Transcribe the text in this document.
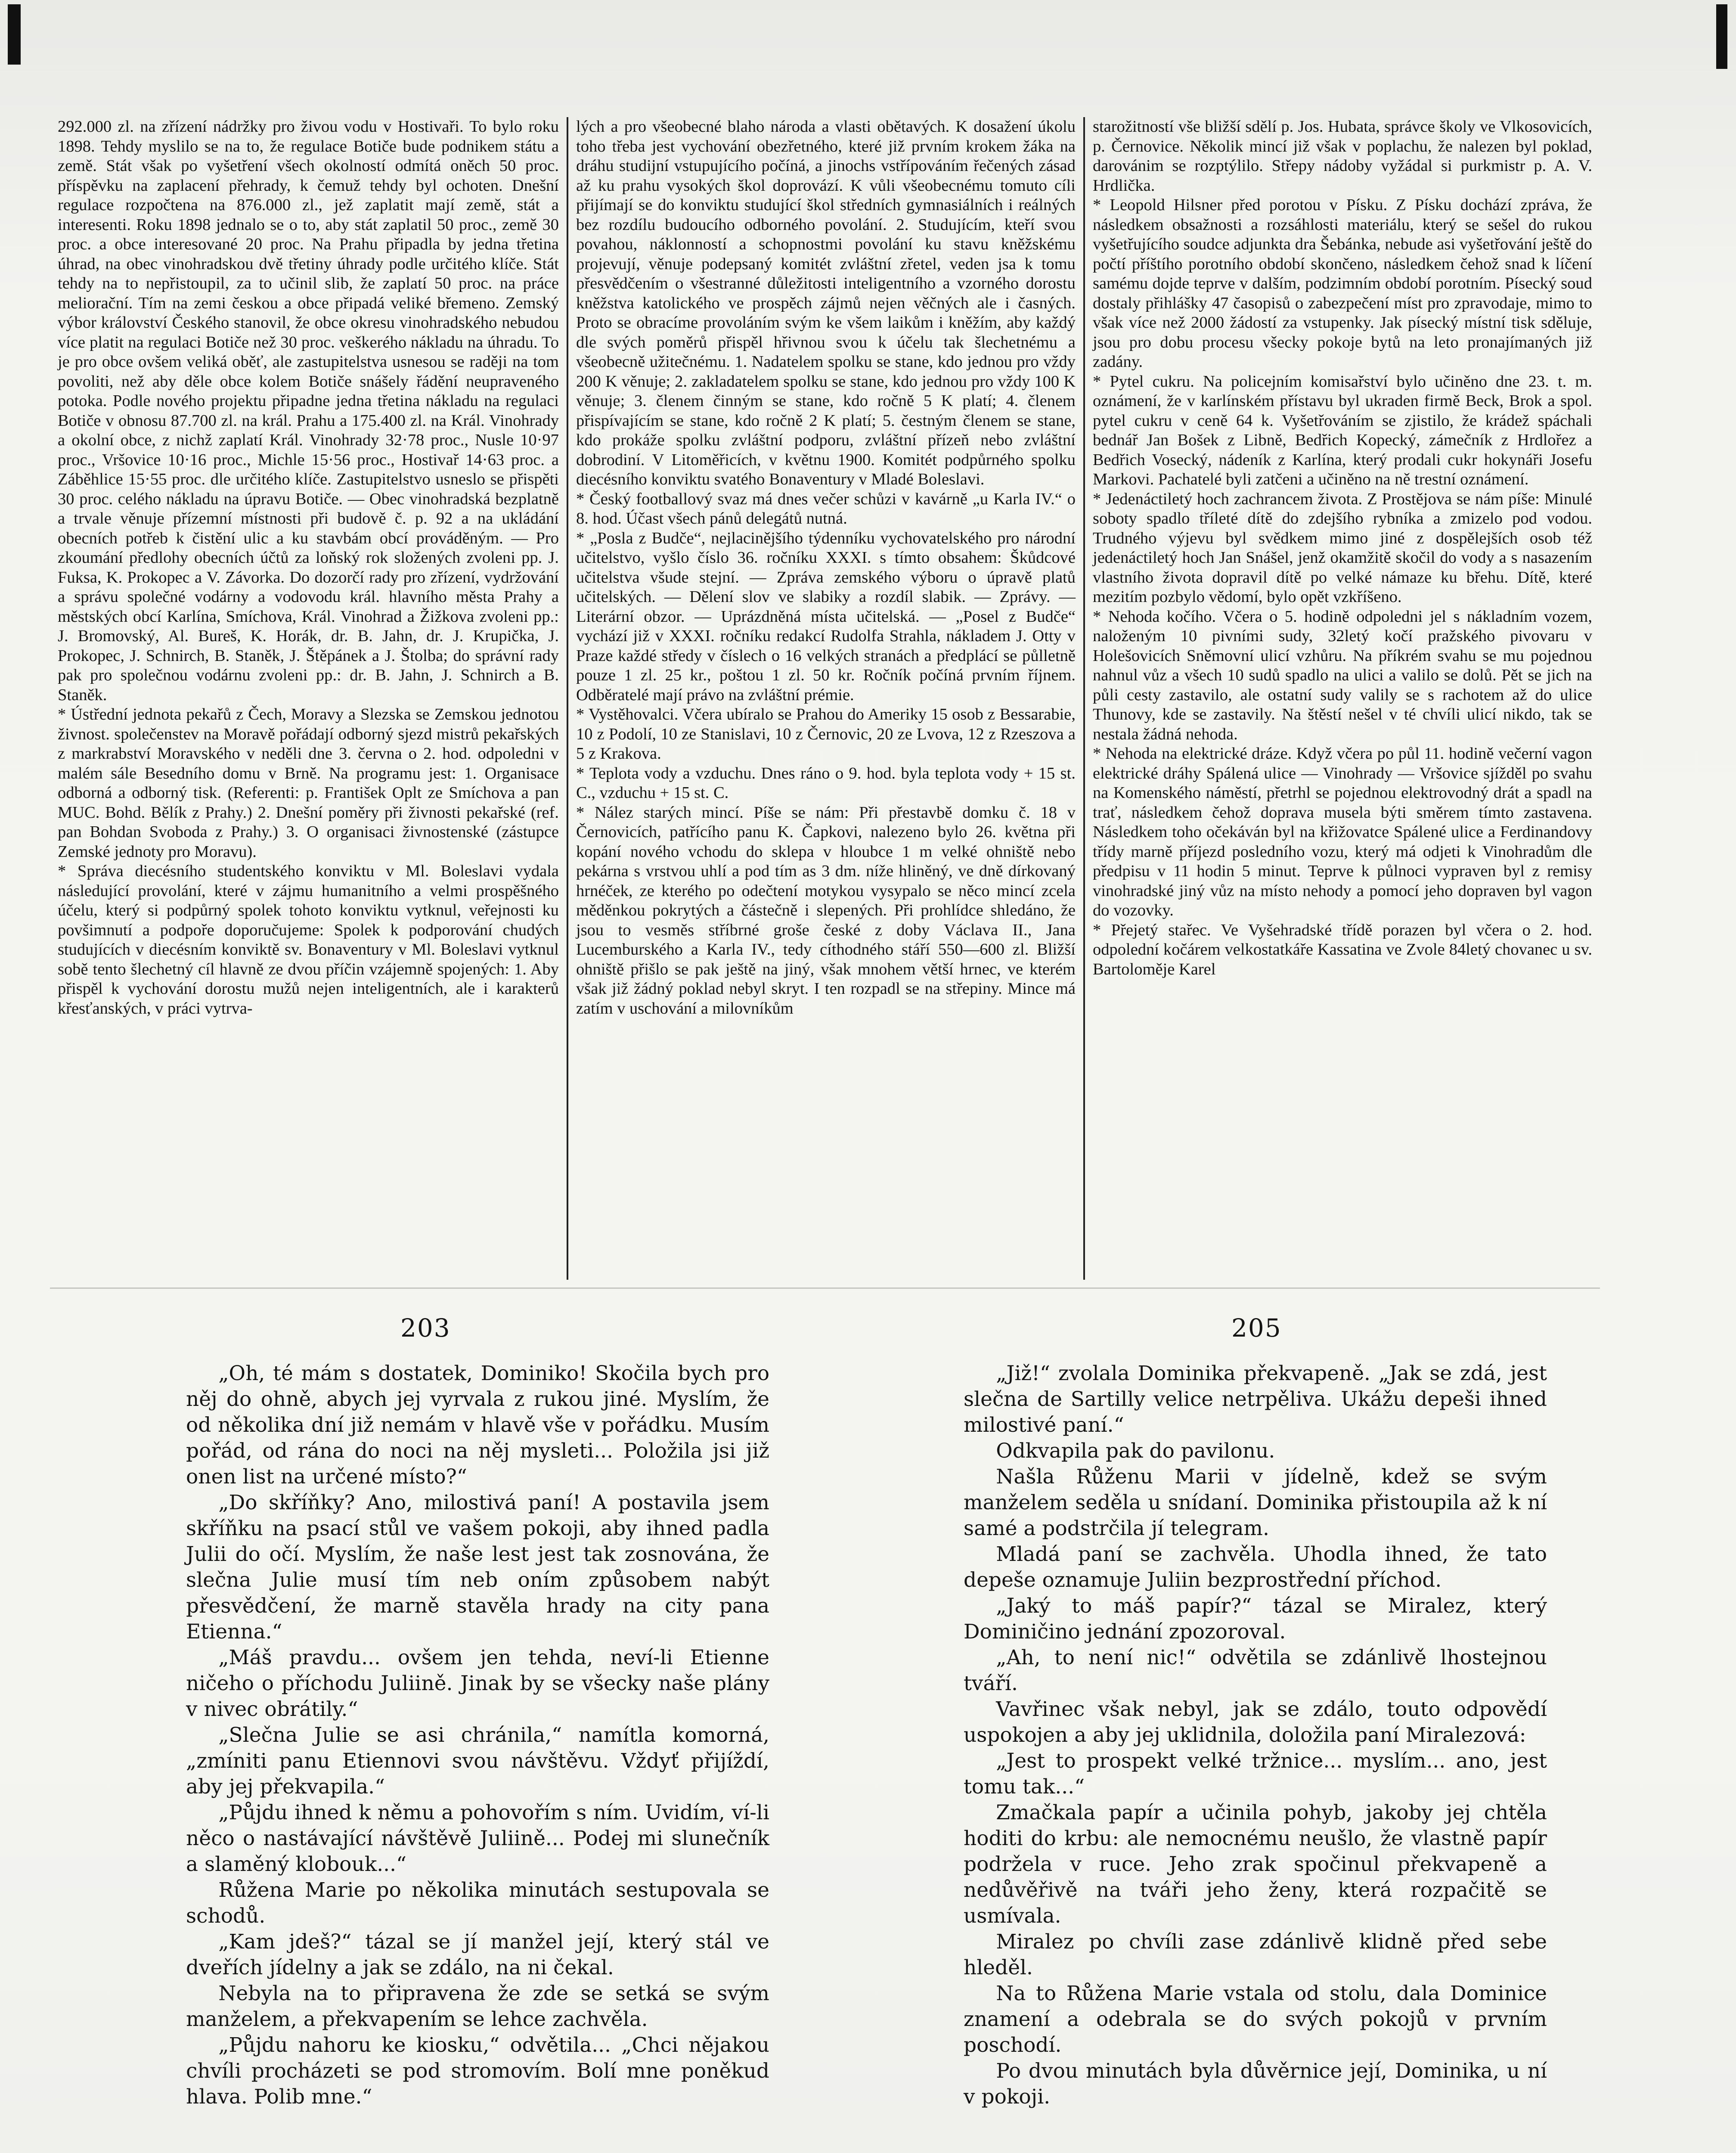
292.000 zl. na zřízení nádržky pro živou vodu v Hostivaři. To bylo roku 1898. Tehdy myslilo se na to, že regulace Botiče bude podnikem státu a země. Stát však po vyšetření všech okolností odmítá oněch 50 proc. příspěvku na zaplacení přehrady, k čemuž tehdy byl ochoten. Dnešní regulace rozpočtena na 876.000 zl., jež zaplatit mají země, stát a interesenti. Roku 1898 jednalo se o to, aby stát zaplatil 50 proc., země 30 proc. a obce interesované 20 proc. Na Prahu připadla by jedna třetina úhrad, na obec vinohradskou dvě třetiny úhrady podle určitého klíče. Stát tehdy na to nepřistoupil, za to učinil slib, že zaplatí 50 proc. na práce meliorační. Tím na zemi českou a obce připadá veliké břemeno. Zemský výbor království Českého stanovil, že obce okresu vinohradského nebudou více platit na regulaci Botiče než 30 proc. veškerého nákladu na úhradu. To je pro obce ovšem veliká oběť, ale zastupitelstva usnesou se raději na tom povoliti, než aby děle obce kolem Botiče snášely řádění neupraveného potoka. Podle nového projektu připadne jedna třetina nákladu na regulaci Botiče v obnosu 87.700 zl. na král. Prahu a 175.400 zl. na Král. Vinohrady a okolní obce, z nichž zaplatí Král. Vinohrady 32·78 proc., Nusle 10·97 proc., Vršovice 10·16 proc., Michle 15·56 proc., Hostivař 14·63 proc. a Záběhlice 15·55 proc. dle určitého klíče. Zastupitelstvo usneslo se přispěti 30 proc. celého nákladu na úpravu Botiče. — Obec vinohradská bezplatně a trvale věnuje přízemní místnosti při budově č. p. 92 a na ukládání obecních potřeb k čistění ulic a ku stavbám obcí prováděným. — Pro zkoumání předlohy obecních účtů za loňský rok složených zvoleni pp. J. Fuksa, K. Prokopec a V. Závorka. Do dozorčí rady pro zřízení, vydržování a správu společné vodárny a vodovodu král. hlavního města Prahy a městských obcí Karlína, Smíchova, Král. Vinohrad a Žižkova zvoleni pp.: J. Bromovský, Al. Bureš, K. Horák, dr. B. Jahn, dr. J. Krupička, J. Prokopec, J. Schnirch, B. Staněk, J. Štěpánek a J. Štolba; do správní rady pak pro společnou vodárnu zvoleni pp.: dr. B. Jahn, J. Schnirch a B. Staněk.

* Ústřední jednota pekařů z Čech, Moravy a Slezska se Zemskou jednotou živnost. společenstev na Moravě pořádají odborný sjezd mistrů pekařských z markrabství Moravského v neděli dne 3. června o 2. hod. odpoledni v malém sále Besedního domu v Brně. Na programu jest: 1. Organisace odborná a odborný tisk. (Referenti: p. František Oplt ze Smíchova a pan MUC. Bohd. Bělík z Prahy.) 2. Dnešní poměry při živnosti pekařské (ref. pan Bohdan Svoboda z Prahy.) 3. O organisaci živnostenské (zástupce Zemské jednoty pro Moravu).

* Správa diecésního studentského konviktu v Ml. Boleslavi vydala následující provolání, které v zájmu humanitního a velmi prospěšného účelu, který si podpůrný spolek tohoto konviktu vytknul, veřejnosti ku povšimnutí a podpoře doporučujeme: Spolek k podporování chudých studujících v diecésním konviktě sv. Bonaventury v Ml. Boleslavi vytknul sobě tento šlechetný cíl hlavně ze dvou příčin vzájemně spojených: 1. Aby přispěl k vychování dorostu mužů nejen inteligentních, ale i karakterů křesťanských, v práci vytrva-

lých a pro všeobecné blaho národa a vlasti obětavých. K dosažení úkolu toho třeba jest vychování obezřetného, které již prvním krokem žáka na dráhu studijní vstupujícího počíná, a jinochs vstřípováním řečených zásad až ku prahu vysokých škol doprovází. K vůli všeobecnému tomuto cíli přijímají se do konviktu studující škol středních gymnasiálních i reálných bez rozdílu budoucího odborného povolání. 2. Studujícím, kteří svou povahou, náklonností a schopnostmi povolání ku stavu kněžskému projevují, věnuje podepsaný komitét zvláštní zřetel, veden jsa k tomu přesvědčením o všestranné důležitosti inteligentního a vzorného dorostu kněžstva katolického ve prospěch zájmů nejen věčných ale i časných. Proto se obracíme provoláním svým ke všem laikům i kněžím, aby každý dle svých poměrů přispěl hřivnou svou k účelu tak šlechetnému a všeobecně užitečnému. 1. Nadatelem spolku se stane, kdo jednou pro vždy 200 K věnuje; 2. zakladatelem spolku se stane, kdo jednou pro vždy 100 K věnuje; 3. členem činným se stane, kdo ročně 5 K platí; 4. členem přispívajícím se stane, kdo ročně 2 K platí; 5. čestným členem se stane, kdo prokáže spolku zvláštní podporu, zvláštní přízeň nebo zvláštní dobrodiní. V Litoměřicích, v květnu 1900. Komitét podpůrného spolku diecésního konviktu svatého Bonaventury v Mladé Boleslavi.

* Český footballový svaz má dnes večer schůzi v kavárně „u Karla IV.“ o 8. hod. Účast všech pánů delegátů nutná.

* „Posla z Budče“, nejlacinějšího týdenníku vychovatelského pro národní učitelstvo, vyšlo číslo 36. ročníku XXXI. s tímto obsahem: Škůdcové učitelstva všude stejní. — Zpráva zemského výboru o úpravě platů učitelských. — Dělení slov ve slabiky a rozdíl slabik. — Zprávy. — Literární obzor. — Uprázdněná místa učitelská. — „Posel z Budče“ vychází již v XXXI. ročníku redakcí Rudolfa Strahla, nákladem J. Otty v Praze každé středy v číslech o 16 velkých stranách a předplácí se půlletně pouze 1 zl. 25 kr., poštou 1 zl. 50 kr. Ročník počíná prvním říjnem. Odběratelé mají právo na zvláštní prémie.

* Vystěhovalci. Včera ubíralo se Prahou do Ameriky 15 osob z Bessarabie, 10 z Podolí, 10 ze Stanislavi, 10 z Černovic, 20 ze Lvova, 12 z Rzeszova a 5 z Krakova.

* Teplota vody a vzduchu. Dnes ráno o 9. hod. byla teplota vody + 15 st. C., vzduchu + 15 st. C.

* Nález starých mincí. Píše se nám: Při přestavbě domku č. 18 v Černovicích, patřícího panu K. Čapkovi, nalezeno bylo 26. května při kopání nového vchodu do sklepa v hloubce 1 m velké ohniště nebo pekárna s vrstvou uhlí a pod tím as 3 dm. níže hliněný, ve dně dírkovaný hrnéček, ze kterého po odečtení motykou vysypalo se něco mincí zcela měděnkou pokrytých a částečně i slepených. Při prohlídce shledáno, že jsou to vesměs stříbrné groše české z doby Václava II., Jana Lucemburského a Karla IV., tedy cíthodného stáří 550—600 zl. Bližší ohniště přišlo se pak ještě na jiný, však mnohem větší hrnec, ve kterém však již žádný poklad nebyl skryt. I ten rozpadl se na střepiny. Mince má zatím v uschování a milovníkům

starožitností vše bližší sdělí p. Jos. Hubata, správce školy ve Vlkosovicích, p. Černovice. Několik mincí již však v poplachu, že nalezen byl poklad, darovánim se rozptýlilo. Střepy nádoby vyžádal si purkmistr p. A. V. Hrdlička.

* Leopold Hilsner před porotou v Písku. Z Písku dochází zpráva, že následkem obsažnosti a rozsáhlosti materiálu, který se sešel do rukou vyšetřujícího soudce adjunkta dra Šebánka, nebude asi vyšetřování ještě do počtí příštího porotního období skončeno, následkem čehož snad k líčení samému dojde teprve v dalším, podzimním období porotním. Písecký soud dostaly přihlášky 47 časopisů o zabezpečení míst pro zpravodaje, mimo to však více než 2000 žádostí za vstupenky. Jak písecký místní tisk sděluje, jsou pro dobu procesu všecky pokoje bytů na leto pronajímaných již zadány.

* Pytel cukru. Na policejním komisařství bylo učiněno dne 23. t. m. oznámení, že v karlínském přístavu byl ukraden firmě Beck, Brok a spol. pytel cukru v ceně 64 k. Vyšetřováním se zjistilo, že krádež spáchali bednář Jan Bošek z Libně, Bedřich Kopecký, zámečník z Hrdlořez a Bedřich Vosecký, nádeník z Karlína, který prodali cukr hokynáři Josefu Markovi. Pachatelé byli zatčeni a učiněno na ně trestní oznámení.

* Jedenáctiletý hoch zachrancem života. Z Prostějova se nám píše: Minulé soboty spadlo tříleté dítě do zdejšího rybníka a zmizelo pod vodou. Trudného výjevu byl svědkem mimo jiné z dospělejších osob též jedenáctiletý hoch Jan Snášel, jenž okamžitě skočil do vody a s nasazením vlastního života dopravil dítě po velké námaze ku břehu. Dítě, které mezitím pozbylo vědomí, bylo opět vzkříšeno.

* Nehoda kočího. Včera o 5. hodině odpoledni jel s nákladním vozem, naloženým 10 pivními sudy, 32letý kočí pražského pivovaru v Holešovicích Sněmovní ulicí vzhůru. Na příkrém svahu se mu pojednou nahnul vůz a všech 10 sudů spadlo na ulici a valilo se dolů. Pět se jich na půli cesty zastavilo, ale ostatní sudy valily se s rachotem až do ulice Thunovy, kde se zastavily. Na štěstí nešel v té chvíli ulicí nikdo, tak se nestala žádná nehoda.

* Nehoda na elektrické dráze. Když včera po půl 11. hodině večerní vagon elektrické dráhy Spálená ulice — Vinohrady — Vršovice sjížděl po svahu na Komenského náměstí, přetrhl se pojednou elektrovodný drát a spadl na trať, následkem čehož doprava musela býti směrem tímto zastavena. Následkem toho očekáván byl na křižovatce Spálené ulice a Ferdinandovy třídy marně příjezd posledního vozu, který má odjeti k Vinohradům dle předpisu v 11 hodin 5 minut. Teprve k půlnoci vypraven byl z remisy vinohradské jiný vůz na místo nehody a pomocí jeho dopraven byl vagon do vozovky.

* Přejetý stařec. Ve Vyšehradské třídě porazen byl včera o 2. hod. odpolední kočárem velkostatkáře Kassatina ve Zvole 84letý chovanec u sv. Bartoloměje Karel

203	205

„Oh, té mám s dostatek, Dominiko! Skočila bych pro něj do ohně, abych jej vyrvala z rukou jiné. Myslím, že od několika dní již nemám v hlavě vše v pořádku. Musím pořád, od rána do noci na něj mysleti... Položila jsi již onen list na určené místo?“

„Do skříňky? Ano, milostivá paní! A postavila jsem skříňku na psací stůl ve vašem pokoji, aby ihned padla Julii do očí. Myslím, že naše lest jest tak zosnována, že slečna Julie musí tím neb oním způsobem nabýt přesvědčení, že marně stavěla hrady na city pana Etienna.“

„Máš pravdu... ovšem jen tehda, neví-li Etienne ničeho o příchodu Juliině. Jinak by se všecky naše plány v nivec obrátily.“

„Slečna Julie se asi chránila,“ namítla komorná, „zmíniti panu Etiennovi svou návštěvu. Vždyť přijíždí, aby jej překvapila.“

„Půjdu ihned k němu a pohovořím s ním. Uvidím, ví-li něco o nastávající návštěvě Juliině... Podej mi slunečník a slaměný klobouk...“

Růžena Marie po několika minutách sestupovala se schodů.

„Kam jdeš?“ tázal se jí manžel její, který stál ve dveřích jídelny a jak se zdálo, na ni čekal.

Nebyla na to připravena že zde se setká se svým manželem, a překvapením se lehce zachvěla.

„Půjdu nahoru ke kiosku,“ odvětila... „Chci nějakou chvíli procházeti se pod stromovím. Bolí mne poněkud hlava. Polib mne.“

„Již!“ zvolala Dominika překvapeně. „Jak se zdá, jest slečna de Sartilly velice netrpěliva. Ukážu depeši ihned milostivé paní.“

Odkvapila pak do pavilonu.

Našla Růženu Marii v jídelně, kdež se svým manželem seděla u snídaní. Dominika přistoupila až k ní samé a podstrčila jí telegram.

Mladá paní se zachvěla. Uhodla ihned, že tato depeše oznamuje Juliin bezprostřední příchod.

„Jaký to máš papír?“ tázal se Miralez, který Dominičino jednání zpozoroval.

„Ah, to není nic!“ odvětila se zdánlivě lhostejnou tváří.

Vavřinec však nebyl, jak se zdálo, touto odpovědí uspokojen a aby jej uklidnila, doložila paní Miralezová:

„Jest to prospekt velké tržnice... myslím... ano, jest tomu tak...“

Zmačkala papír a učinila pohyb, jakoby jej chtěla hoditi do krbu: ale nemocnému neušlo, že vlastně papír podržela v ruce. Jeho zrak spočinul překvapeně a nedůvěřivě na tváři jeho ženy, která rozpačitě se usmívala.

Miralez po chvíli zase zdánlivě klidně před sebe hleděl.

Na to Růžena Marie vstala od stolu, dala Dominice znamení a odebrala se do svých pokojů v prvním poschodí.

Po dvou minutách byla důvěrnice její, Dominika, u ní v pokoji.
